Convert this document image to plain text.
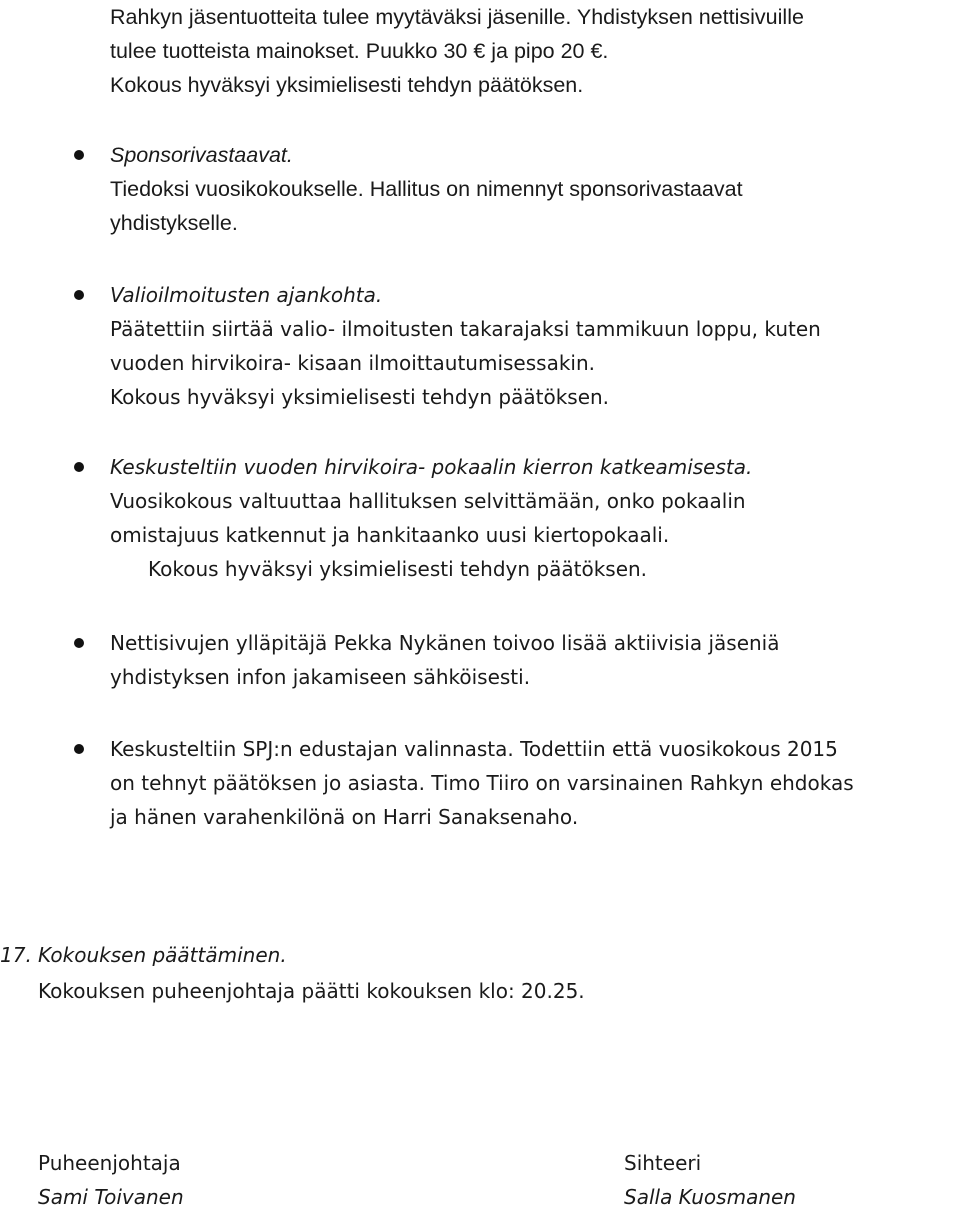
Rahkyn jäsentuotteita tulee myytäväksi jäsenille. Yhdistyksen nettisivuille
tulee tuotteista mainokset. Puukko 30 € ja pipo 20 €.
Kokous hyväksyi yksimielisesti tehdyn päätöksen.
Sponsorivastaavat.
Tiedoksi vuosikokoukselle. Hallitus on nimennyt sponsorivastaavat
yhdistykselle.
Valioilmoitusten ajankohta.
Päätettiin siirtää valio- ilmoitusten takarajaksi tammikuun loppu, kuten
vuoden hirvikoira- kisaan ilmoittautumisessakin.
Kokous hyväksyi yksimielisesti tehdyn päätöksen.
Keskusteltiin vuoden hirvikoira- pokaalin kierron katkeamisesta.
Vuosikokous valtuuttaa hallituksen selvittämään, onko pokaalin
omistajuus katkennut ja hankitaanko uusi kiertopokaali.
Kokous hyväksyi yksimielisesti tehdyn päätöksen.
Nettisivujen ylläpitäjä Pekka Nykänen toivoo lisää aktiivisia jäseniä
yhdistyksen infon jakamiseen sähköisesti.
Keskusteltiin SPJ:n edustajan valinnasta. Todettiin että vuosikokous 2015
on tehnyt päätöksen jo asiasta. Timo Tiiro on varsinainen Rahkyn ehdokas
ja hänen varahenkilönä on Harri Sanaksenaho.
17. Kokouksen päättäminen.
Kokouksen puheenjohtaja päätti kokouksen klo: 20.25.
Puheenjohtaja
Sami Toivanen
Sihteeri
Salla Kuosmanen
